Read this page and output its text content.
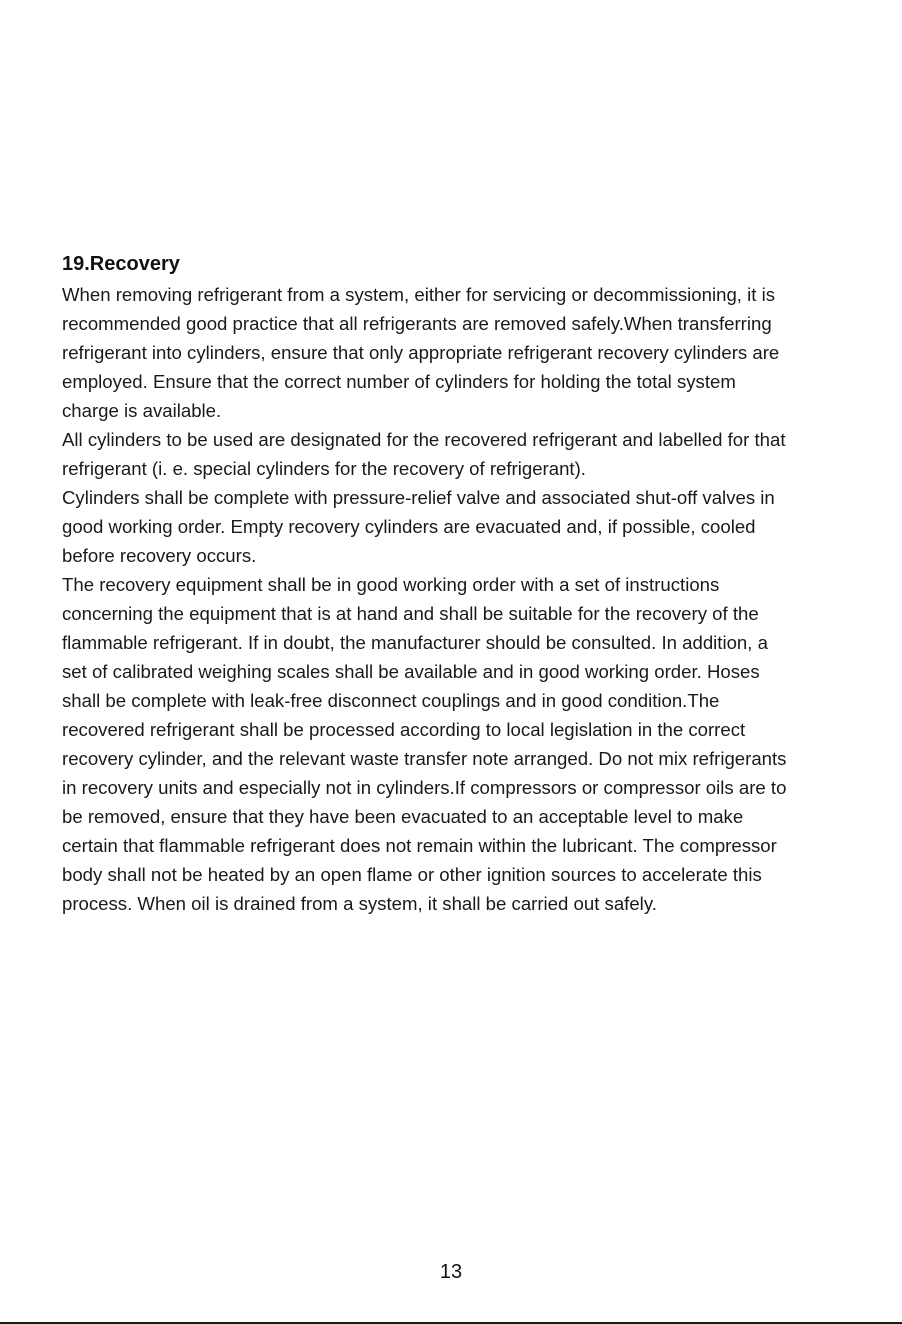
19.Recovery

When removing refrigerant from a system, either for servicing or decommissioning, it is

recommended good practice that all refrigerants are removed safely.When transferring

refrigerant into cylinders, ensure that only appropriate refrigerant recovery cylinders are

employed. Ensure that the correct number of cylinders for holding the total system

charge is available.

All cylinders to be used are designated for the recovered refrigerant and labelled for that

refrigerant (i. e. special cylinders for the recovery of refrigerant).

Cylinders shall be complete with pressure-relief valve and associated shut-off valves in

good working order. Empty recovery cylinders are evacuated and, if possible, cooled

before recovery occurs.

The recovery equipment shall be in good working order with a set of instructions

concerning the equipment that is at hand and shall be suitable for the recovery of the

flammable refrigerant. If in doubt, the manufacturer should be consulted. In addition, a

set of calibrated weighing scales shall be available and in good working order. Hoses

shall be complete with leak-free disconnect couplings and in good condition.The

recovered refrigerant shall be processed according to local legislation in the correct

recovery cylinder, and the relevant waste transfer note arranged. Do not mix refrigerants

in recovery units and especially not in cylinders.If compressors or compressor oils are to

be removed, ensure that they have been evacuated to an acceptable level to make

certain that flammable refrigerant does not remain within the lubricant. The compressor

body shall not be heated by an open flame or other ignition sources to accelerate this

process. When oil is drained from a system, it shall be carried out safely.

13
